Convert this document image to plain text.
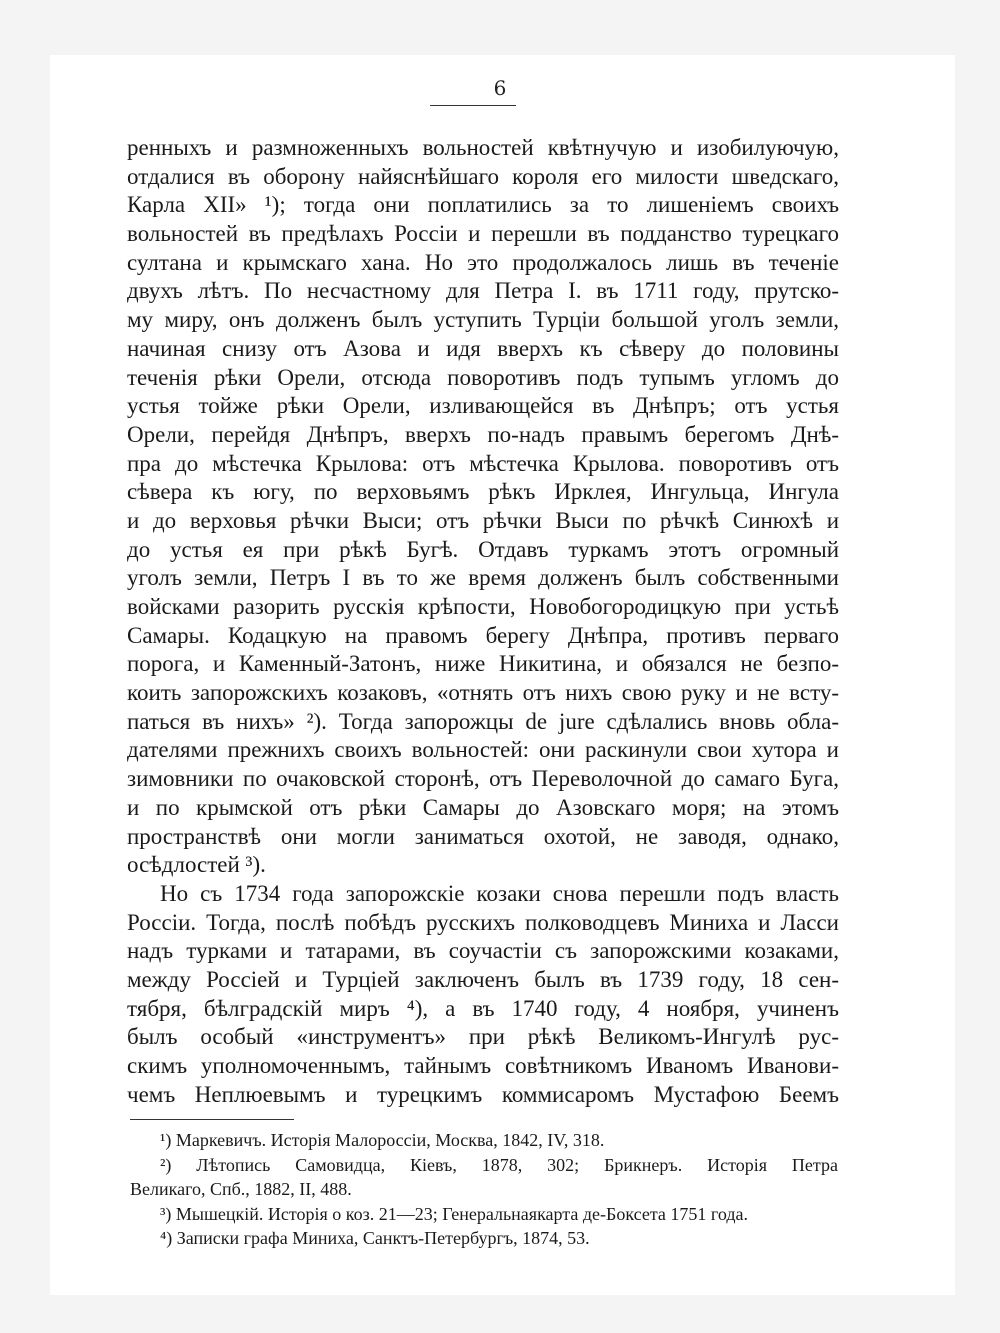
6
ренныхъ и размноженныхъ вольностей квѣтнучую и изобилуючую,
отдалися въ оборону найяснѣйшаго короля его милости шведскаго,
Карла XII» ¹); тогда они поплатились за то лишеніемъ своихъ
вольностей въ предѣлахъ Россіи и перешли въ подданство турецкаго
султана и крымскаго хана. Но это продолжалось лишь въ теченіе
двухъ лѣтъ. По несчастному для Петра I. въ 1711 году, прутско-
му миру, онъ долженъ былъ уступить Турціи большой уголъ земли,
начиная снизу отъ Азова и идя вверхъ къ сѣверу до половины
теченія рѣки Орели, отсюда поворотивъ подъ тупымъ угломъ до
устья тойже рѣки Орели, изливающейся въ Днѣпръ; отъ устья
Орели, перейдя Днѣпръ, вверхъ по-надъ правымъ берегомъ Днѣ-
пра до мѣстечка Крылова: отъ мѣстечка Крылова. поворотивъ отъ
сѣвера къ югу, по верховьямъ рѣкъ Ирклея, Ингульца, Ингула
и до верховья рѣчки Выси; отъ рѣчки Выси по рѣчкѣ Синюхѣ и
до устья ея при рѣкѣ Бугѣ. Отдавъ туркамъ этотъ огромный
уголъ земли, Петръ I въ то же время долженъ былъ собственными
войсками разорить русскія крѣпости, Новобогородицкую при устьѣ
Самары. Кодацкую на правомъ берегу Днѣпра, противъ перваго
порога, и Каменный-Затонъ, ниже Никитина, и обязался не безпо-
коить запорожскихъ козаковъ, «отнять отъ нихъ свою руку и не всту-
паться въ нихъ» ²). Тогда запорожцы de jure сдѣлались вновь обла-
дателями прежнихъ своихъ вольностей: они раскинули свои хутора и
зимовники по очаковской сторонѣ, отъ Переволочной до самаго Буга,
и по крымской отъ рѣки Самары до Азовскаго моря; на этомъ
пространствѣ они могли заниматься охотой, не заводя, однако,
осѣдлостей ³).
Но съ 1734 года запорожскіе козаки снова перешли подъ власть
Россіи. Тогда, послѣ побѣдъ русскихъ полководцевъ Миниха и Ласси
надъ турками и татарами, въ соучастіи съ запорожскими козаками,
между Россіей и Турціей заключенъ былъ въ 1739 году, 18 сен-
тября, бѣлградскій миръ ⁴), а въ 1740 году, 4 ноября, учиненъ
былъ особый «инструментъ» при рѣкѣ Великомъ-Ингулѣ рус-
скимъ уполномоченнымъ, тайнымъ совѣтникомъ Иваномъ Иванови-
чемъ Неплюевымъ и турецкимъ коммисаромъ Мустафою Беемъ
¹) Маркевичъ. Исторія Малороссіи, Москва, 1842, IV, 318.
²) Лѣтопись Самовидца, Кіевъ, 1878, 302; Брикнеръ. Исторія Петра
Великаго, Спб., 1882, II, 488.
³) Мышецкій. Исторія о коз. 21—23; Генеральнаякарта де-Боксета 1751 года.
⁴) Записки графа Миниха, Санктъ-Петербургъ, 1874, 53.
